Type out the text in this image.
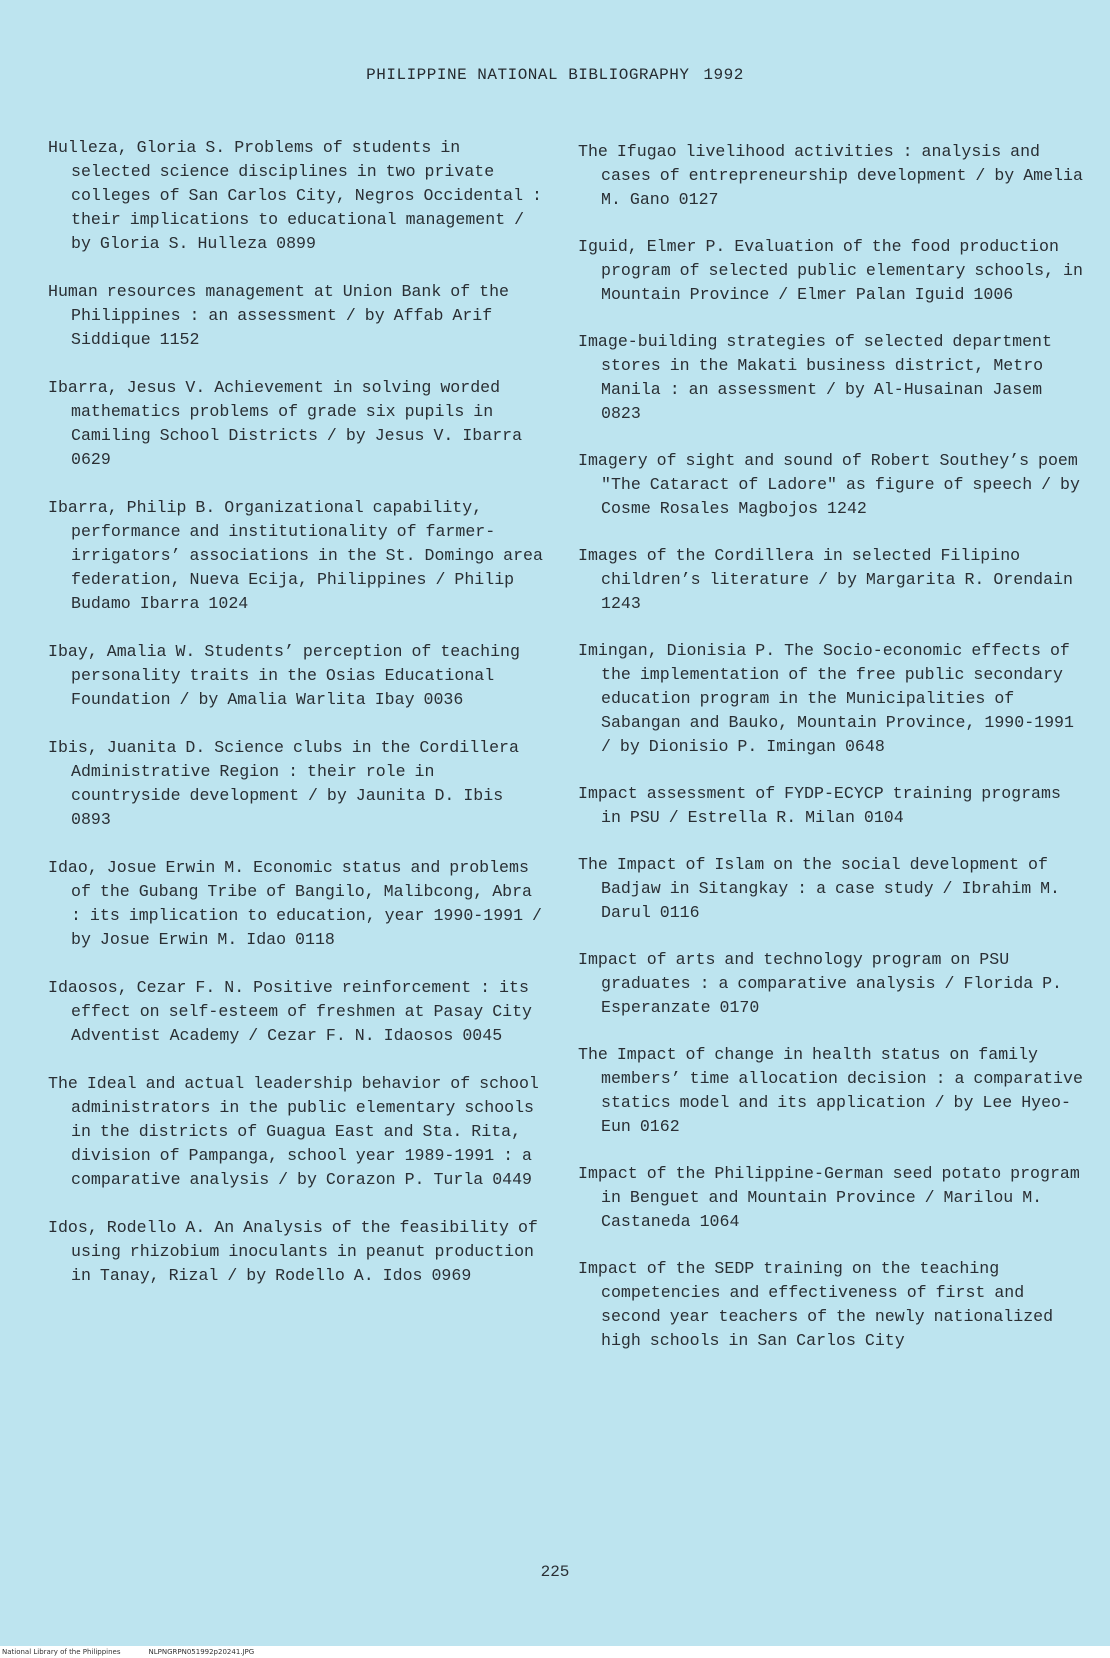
PHILIPPINE NATIONAL BIBLIOGRAPHY 1992

Hulleza, Gloria S. Problems of students in selected science disciplines in two private colleges of San Carlos City, Negros Occidental : their implications to educational management / by Gloria S. Hulleza 0899

Human resources management at Union Bank of the Philippines : an assessment / by Affab Arif Siddique 1152

Ibarra, Jesus V. Achievement in solving worded mathematics problems of grade six pupils in Camiling School Districts / by Jesus V. Ibarra 0629

Ibarra, Philip B. Organizational capability, performance and institutionality of farmer-irrigators’ associations in the St. Domingo area federation, Nueva Ecija, Philippines / Philip Budamo Ibarra 1024

Ibay, Amalia W. Students’ perception of teaching personality traits in the Osias Educational Foundation / by Amalia Warlita Ibay 0036

Ibis, Juanita D. Science clubs in the Cordillera Administrative Region : their role in countryside development / by Jaunita D. Ibis 0893

Idao, Josue Erwin M. Economic status and problems of the Gubang Tribe of Bangilo, Malibcong, Abra : its implication to education, year 1990-1991 / by Josue Erwin M. Idao 0118

Idaosos, Cezar F. N. Positive reinforcement : its effect on self-esteem of freshmen at Pasay City Adventist Academy / Cezar F. N. Idaosos 0045

The Ideal and actual leadership behavior of school administrators in the public elementary schools in the districts of Guagua East and Sta. Rita, division of Pampanga, school year 1989-1991 : a comparative analysis / by Corazon P. Turla 0449

Idos, Rodello A. An Analysis of the feasibility of using rhizobium inoculants in peanut production in Tanay, Rizal / by Rodello A. Idos 0969

The Ifugao livelihood activities : analysis and cases of entrepreneurship development / by Amelia M. Gano 0127

Iguid, Elmer P. Evaluation of the food production program of selected public elementary schools, in Mountain Province / Elmer Palan Iguid 1006

Image-building strategies of selected department stores in the Makati business district, Metro Manila : an assessment / by Al-Husainan Jasem 0823

Imagery of sight and sound of Robert Southey’s poem "The Cataract of Ladore" as figure of speech / by Cosme Rosales Magbojos 1242

Images of the Cordillera in selected Filipino children’s literature / by Margarita R. Orendain 1243

Imingan, Dionisia P. The Socio-economic effects of the implementation of the free public secondary education program in the Municipalities of Sabangan and Bauko, Mountain Province, 1990-1991 / by Dionisio P. Imingan 0648

Impact assessment of FYDP-ECYCP training programs in PSU / Estrella R. Milan 0104

The Impact of Islam on the social development of Badjaw in Sitangkay : a case study / Ibrahim M. Darul 0116

Impact of arts and technology program on PSU graduates : a comparative analysis / Florida P. Esperanzate 0170

The Impact of change in health status on family members’ time allocation decision : a comparative statics model and its application / by Lee Hyeo-Eun 0162

Impact of the Philippine-German seed potato program in Benguet and Mountain Province / Marilou M. Castaneda 1064

Impact of the SEDP training on the teaching competencies and effectiveness of first and second year teachers of the newly nationalized high schools in San Carlos City

225
National Library of the Philippines	NLPNGRPN051992p20241.JPG
